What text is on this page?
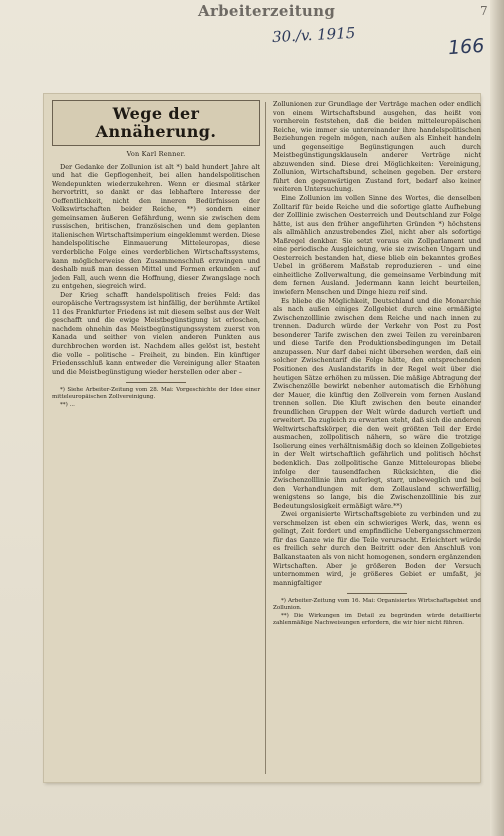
Arbeiterzeitung	7
30./v. 1915	166
Wege der Annäherung.
Von Karl Renner.

Der Gedanke der Zollunion ist alt *) bald hundert Jahre alt und hat die Gepflogenheit, bei allen handelspolitischen Wendepunkten wiederzukehren. Wenn er diesmal stärker hervortritt, so dankt er das lebhaftere Interesse der Oeffentlichkeit, nicht den inneren Bedürfnissen der Volkswirtschaften beider Reiche, **) sondern einer gemeinsamen äußeren Gefährdung, wenn sie zwischen dem russischen, britischen, französischen und dem geplanten italienischen Wirtschaftsimperium eingeklemmt werden. Diese handelspolitische Einmauerung Mitteleuropas, diese verderbliche Folge eines verderblichen Wirtschaftssystems, kann möglicherweise den Zusammenschluß erzwingen und deshalb muß man dessen Mittel und Formen erkunden – auf jeden Fall, auch wenn die Hoffnung, dieser Zwangslage noch zu entgehen, siegreich wird.

Der Krieg schafft handelspolitisch freies Feld: das europäische Vertragssystem ist hinfällig, der berühmte Artikel 11 des Frankfurter Friedens ist mit diesem selbst aus der Welt geschafft und die ewige Meistbegünstigung ist erloschen, nachdem ohnehin das Meistbegünstigungssystem zuerst von Kanada und seither von vielen anderen Punkten aus durchbrochen worden ist. Nachdem alles gelöst ist, besteht die volle – politische – Freiheit, zu binden. Ein künftiger Friedensschluß kann entweder die Vereinigung aller Staaten und die Meistbegünstigung wieder herstellen oder aber –

*) Siehe Arbeiter-Zeitung vom 28. Mai: Vorgeschichte der Idee einer mitteleuropäischen Zollvereinigung.

**) ...

Zollunionen zur Grundlage der Verträge machen oder endlich von einem Wirtschaftsbund ausgehen, das heißt von vornherein feststehen, daß die beiden mitteleuropäischen Reiche, wie immer sie untereinander ihre handelspolitischen Beziehungen regeln mögen, nach außen als Einheit handeln und gegenseitige Begünstigungen auch durch Meistbegünstigungsklauseln anderer Verträge nicht abzuwenden sind. Diese drei Möglichkeiten: Vereinigung, Zollunion, Wirtschaftsbund, scheinen gegeben. Der erstere führt den gegenwärtigen Zustand fort, bedarf also keiner weiteren Untersuchung.

Eine Zollunion im vollen Sinne des Wortes, die denselben Zolltarif für beide Reiche und die sofortige glatte Aufhebung der Zolllinie zwischen Oesterreich und Deutschland zur Folge hätte, ist aus den früher angeführten Gründen *) höchstens als allmählich anzustrebendes Ziel, nicht aber als sofortige Maßregel denkbar. Sie setzt voraus ein Zollparlament und eine periodische Ausgleichung, wie sie zwischen Ungarn und Oesterreich bestanden hat, diese blieb ein bekanntes großes Uebel in größerem Maßstab reproduzieren – und eine einheitliche Zollverwaltung, die gemeinsame Verbindung mit dem fernen Ausland. Jedermann kann leicht beurteilen, inwiefern Menschen und Dinge hiezu reif sind.

Es bliebe die Möglichkeit, Deutschland und die Monarchie als nach außen einiges Zollgebiet durch eine ermäßigte Zwischenzolllinie zwischen dem Reiche und nach innen zu trennen. Dadurch würde der Verkehr von Post zu Post besonderer Tarife zwischen den zwei Teilen zu vereinbaren und diese Tarife den Produktionsbedingungen im Detail anzupassen. Nur darf dabei nicht übersehen werden, daß ein solcher Zwischentarif die Folge hätte, den entsprechenden Positionen des Auslandstarifs in der Regel weit über die heutigen Sätze erhöhen zu müssen. Die mäßige Abtragung der Zwischenzölle bewirkt nebenher automatisch die Erhöhung der Mauer, die künftig den Zollverein vom fernen Ausland trennen sollen. Die Kluft zwischen den beute einander freundlichen Gruppen der Welt würde dadurch vertieft und erweitert. Da zugleich zu erwarten steht, daß sich die anderen Weltwirtschaftskörper, die den weit größten Teil der Erde ausmachen, zollpolitisch nähern, so wäre die trotzige Isolierung eines verhältnismäßig doch so kleinen Zollgebietes in der Welt wirtschaftlich gefährlich und politisch höchst bedenklich. Das zollpolitische Ganze Mitteleuropas bliebe infolge der tausendfachen Rücksichten, die die Zwischenzolllinie ihm auferlegt, starr, unbeweglich und bei den Verhandlungen mit dem Zollausland schwerfällig, wenigstens so lange, bis die Zwischenzolllinie bis zur Bedeutungslosigkeit ermäßigt wäre.**)

Zwei organisierte Wirtschaftsgebiete zu verbinden und zu verschmelzen ist eben ein schwieriges Werk, das, wenn es gelingt, Zeit fordert und empfindliche Uebergangsschmerzen für das Ganze wie für die Teile verursacht. Erleichtert würde es freilich sehr durch den Beitritt oder den Anschluß von Balkanstaaten als von nicht homogenen, sondern ergänzenden Wirtschaften. Aber je größeren Boden der Versuch unternommen wird, je größeres Gebiet er umfaßt, je mannigfaltiger

*) Arbeiter-Zeitung vom 16. Mai: Organisiertes Wirtschaftsgebiet und Zollunion.

**) Die Wirkungen im Detail zu begründen würde detaillierte zahlenmäßige Nachweisungen erfordern, die wir hier nicht führen.
